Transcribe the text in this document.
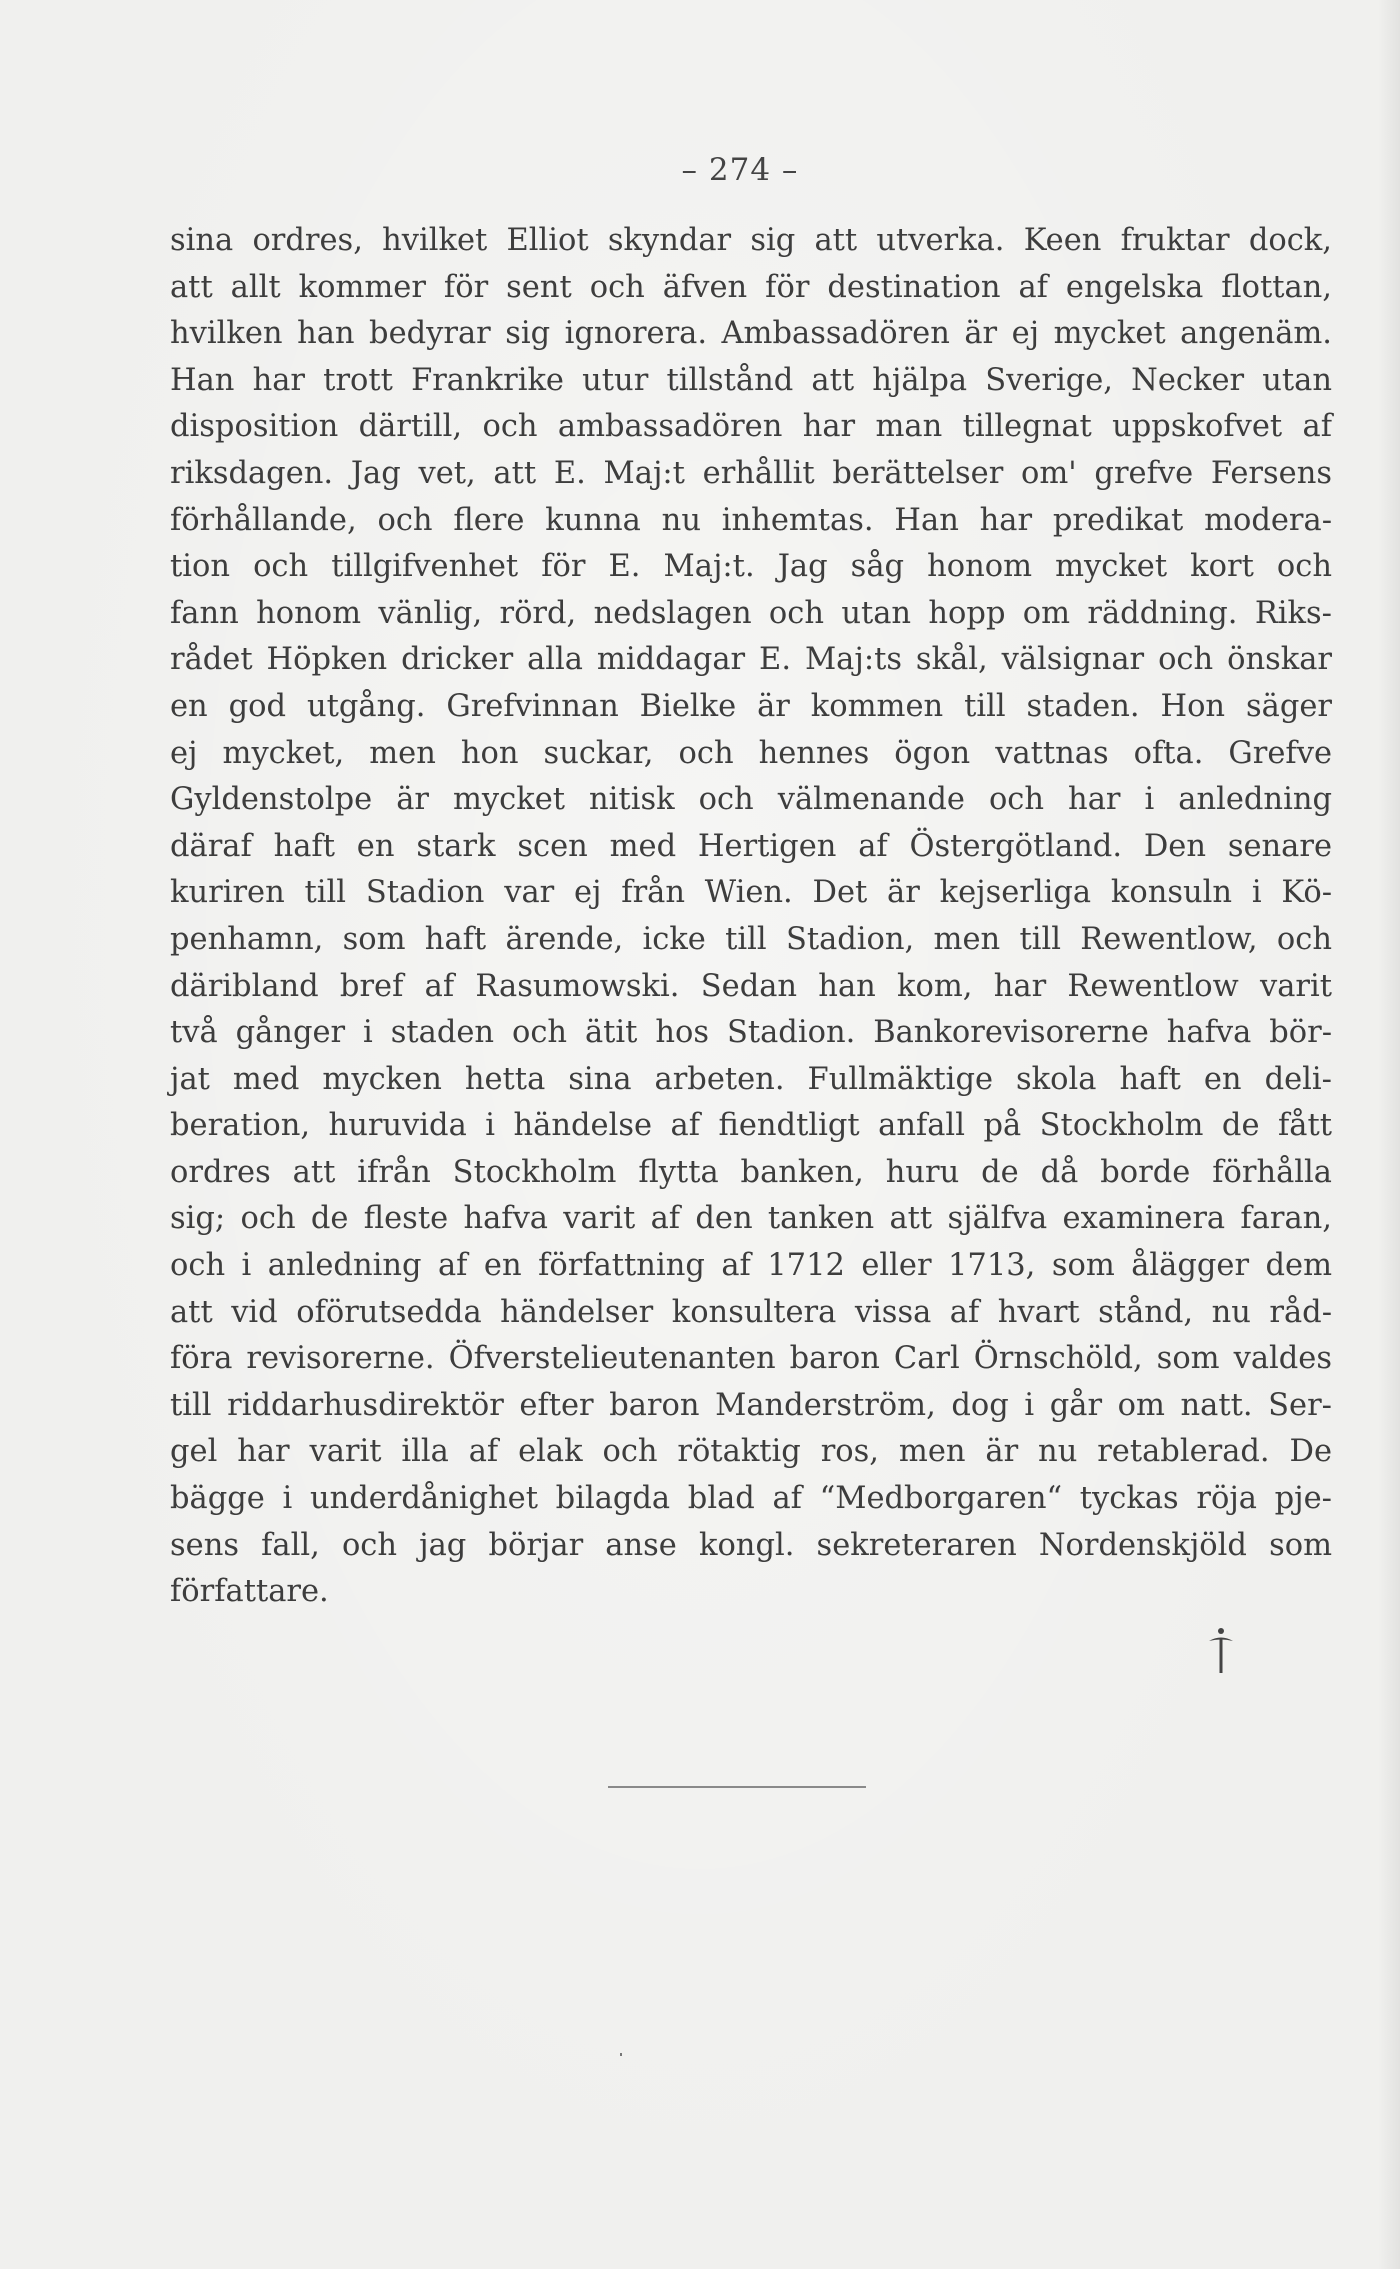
– 274 –
sina ordres, hvilket Elliot skyndar sig att utverka. Keen fruktar dock,
att allt kommer för sent och äfven för destination af engelska flottan,
hvilken han bedyrar sig ignorera. Ambassadören är ej mycket angenäm.
Han har trott Frankrike utur tillstånd att hjälpa Sverige, Necker utan
disposition därtill, och ambassadören har man tillegnat uppskofvet af
riksdagen. Jag vet, att E. Maj:t erhållit berättelser om' grefve Fersens
förhållande, och flere kunna nu inhemtas. Han har predikat modera-
tion och tillgifvenhet för E. Maj:t. Jag såg honom mycket kort och
fann honom vänlig, rörd, nedslagen och utan hopp om räddning. Riks-
rådet Höpken dricker alla middagar E. Maj:ts skål, välsignar och önskar
en god utgång. Grefvinnan Bielke är kommen till staden. Hon säger
ej mycket, men hon suckar, och hennes ögon vattnas ofta. Grefve
Gyldenstolpe är mycket nitisk och välmenande och har i anledning
däraf haft en stark scen med Hertigen af Östergötland. Den senare
kuriren till Stadion var ej från Wien. Det är kejserliga konsuln i Kö-
penhamn, som haft ärende, icke till Stadion, men till Rewentlow, och
däribland bref af Rasumowski. Sedan han kom, har Rewentlow varit
två gånger i staden och ätit hos Stadion. Bankorevisorerne hafva bör-
jat med mycken hetta sina arbeten. Fullmäktige skola haft en deli-
beration, huruvida i händelse af fiendtligt anfall på Stockholm de fått
ordres att ifrån Stockholm flytta banken, huru de då borde förhålla
sig; och de fleste hafva varit af den tanken att själfva examinera faran,
och i anledning af en författning af 1712 eller 1713, som ålägger dem
att vid oförutsedda händelser konsultera vissa af hvart stånd, nu råd-
föra revisorerne. Öfverstelieutenanten baron Carl Örnschöld, som valdes
till riddarhusdirektör efter baron Manderström, dog i går om natt. Ser-
gel har varit illa af elak och rötaktig ros, men är nu retablerad. De
bägge i underdånighet bilagda blad af “Medborgaren“ tyckas röja pje-
sens fall, och jag börjar anse kongl. sekreteraren Nordenskjöld som
författare.
